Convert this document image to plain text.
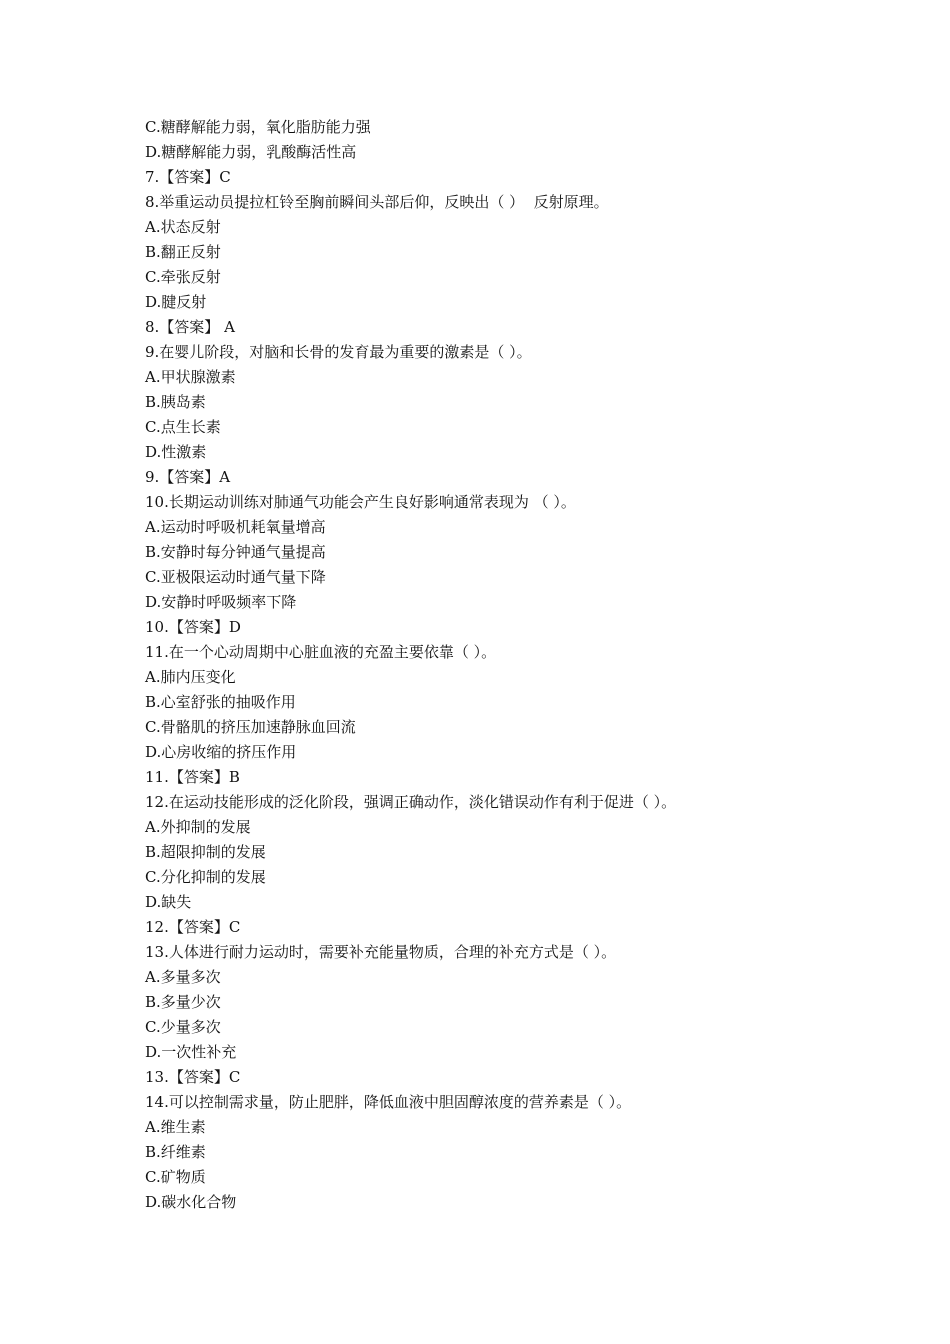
C.糖酵解能力弱，氧化脂肪能力强
D.糖酵解能力弱，乳酸酶活性高
7.【答案】C
8.举重运动员提拉杠铃至胸前瞬间头部后仰，反映出（ ）  反射原理。
A.状态反射
B.翻正反射
C.牵张反射
D.腱反射
8.【答案】 A
9.在婴儿阶段，对脑和长骨的发育最为重要的激素是（ ）。
A.甲状腺激素
B.胰岛素
C.点生长素
D.性激素
9.【答案】A
10.长期运动训练对肺通气功能会产生良好影响通常表现为 （ ）。
A.运动时呼吸机耗氧量增高
B.安静时每分钟通气量提高
C.亚极限运动时通气量下降
D.安静时呼吸频率下降
10.【答案】D
11.在一个心动周期中心脏血液的充盈主要依靠（ ）。
A.肺内压变化
B.心室舒张的抽吸作用
C.骨骼肌的挤压加速静脉血回流
D.心房收缩的挤压作用
11.【答案】B
12.在运动技能形成的泛化阶段，强调正确动作，淡化错误动作有利于促进（ ）。
A.外抑制的发展
B.超限抑制的发展
C.分化抑制的发展
D.缺失
12.【答案】C
13.人体进行耐力运动时，需要补充能量物质，合理的补充方式是（ ）。
A.多量多次
B.多量少次
C.少量多次
D.一次性补充
13.【答案】C
14.可以控制需求量，防止肥胖，降低血液中胆固醇浓度的营养素是（ ）。
A.维生素
B.纤维素
C.矿物质
D.碳水化合物
